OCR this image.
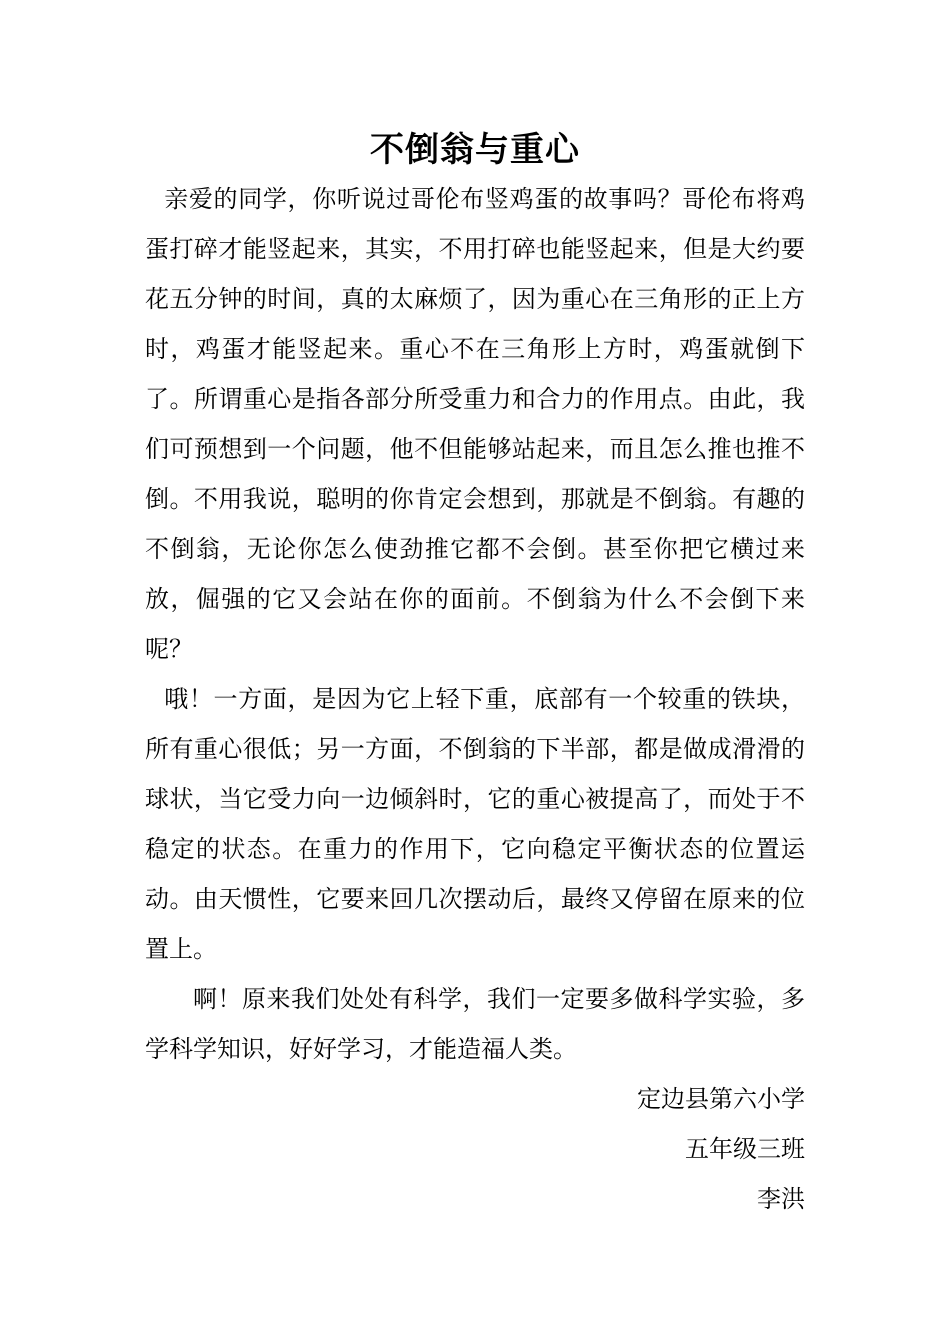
不倒翁与重心

亲爱的同学，你听说过哥伦布竖鸡蛋的故事吗？哥伦布将鸡蛋打碎才能竖起来，其实，不用打碎也能竖起来，但是大约要花五分钟的时间，真的太麻烦了，因为重心在三角形的正上方时，鸡蛋才能竖起来。重心不在三角形上方时，鸡蛋就倒下了。所谓重心是指各部分所受重力和合力的作用点。由此，我们可预想到一个问题，他不但能够站起来，而且怎么推也推不倒。不用我说，聪明的你肯定会想到，那就是不倒翁。有趣的不倒翁，无论你怎么使劲推它都不会倒。甚至你把它横过来放，倔强的它又会站在你的面前。不倒翁为什么不会倒下来呢？

哦！一方面，是因为它上轻下重，底部有一个较重的铁块，所有重心很低；另一方面，不倒翁的下半部，都是做成滑滑的球状，当它受力向一边倾斜时，它的重心被提高了，而处于不稳定的状态。在重力的作用下，它向稳定平衡状态的位置运动。由天惯性，它要来回几次摆动后，最终又停留在原来的位置上。

啊！原来我们处处有科学，我们一定要多做科学实验，多学科学知识，好好学习，才能造福人类。

定边县第六小学
五年级三班
李洪
